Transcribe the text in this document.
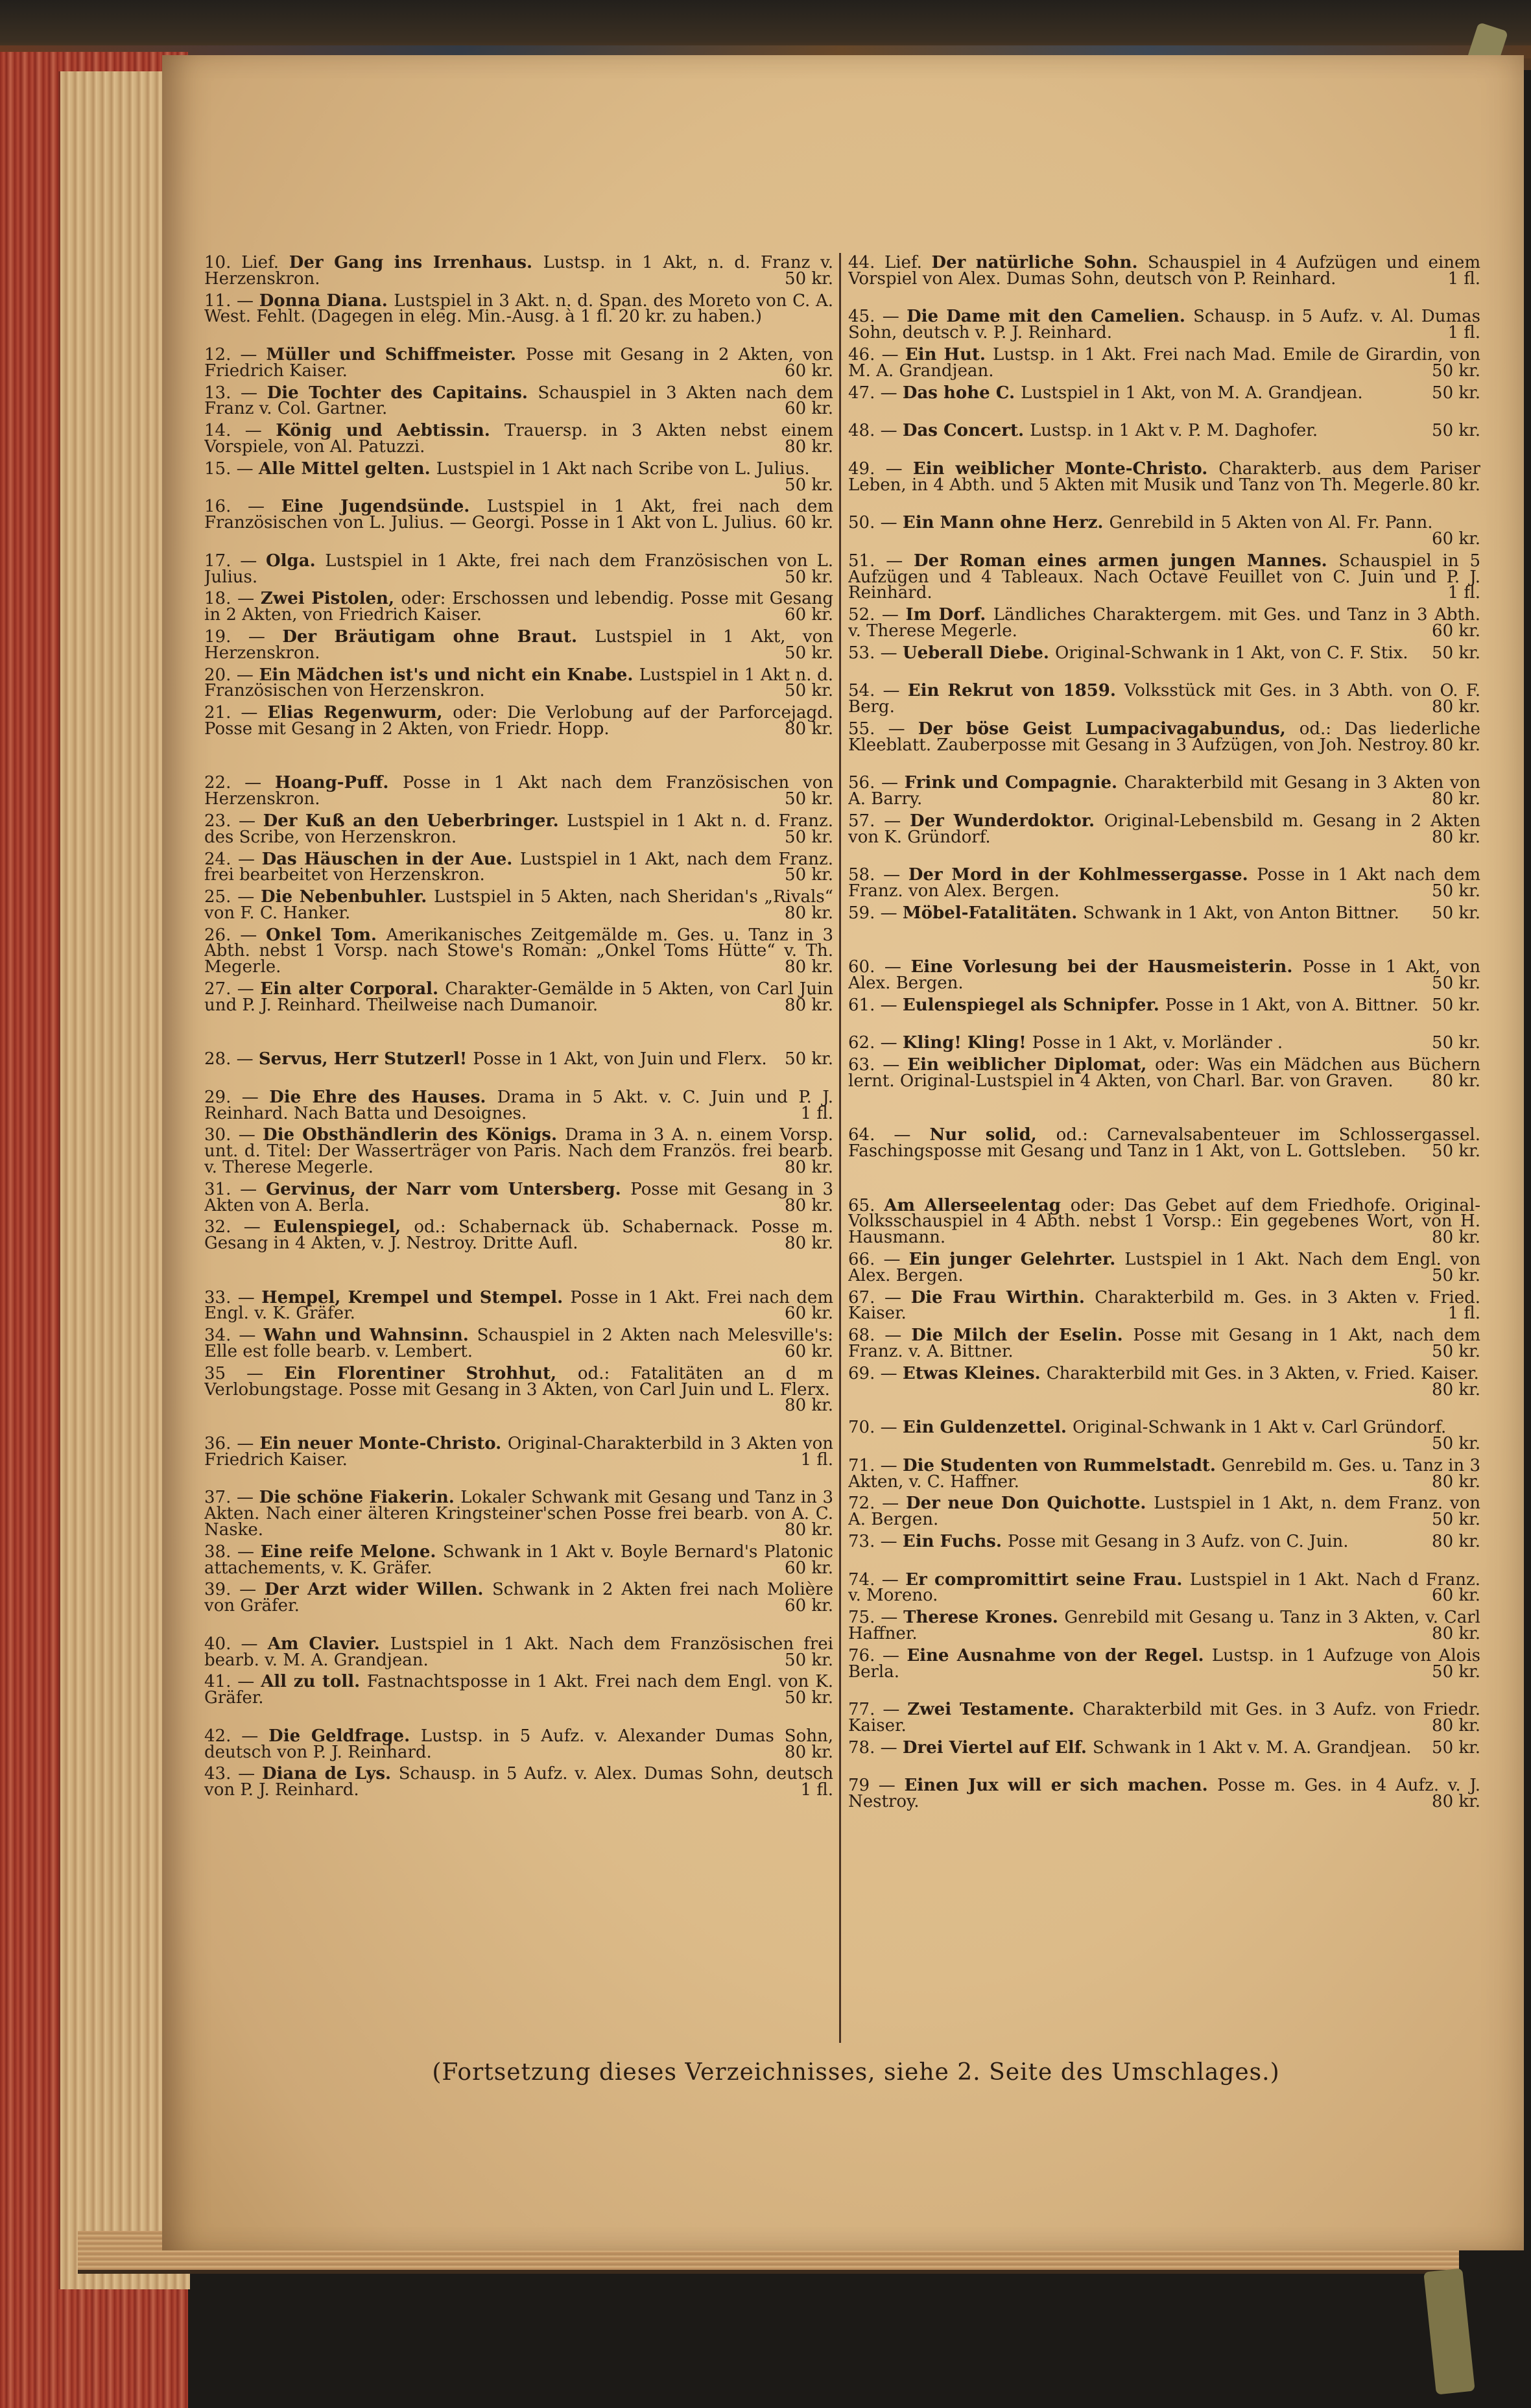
10. Lief. Der Gang ins Irrenhaus. Lustsp. in 1 Akt, n. d. Franz v. Herzenskron.	50 kr.
11. — Donna Diana. Lustspiel in 3 Akt. n. d. Span. des Moreto von C. A. West. Fehlt. (Dagegen in eleg. Min.-Ausg. à 1 fl. 20 kr. zu haben.)
12. — Müller und Schiffmeister. Posse mit Gesang in 2 Akten, von Friedrich Kaiser.	60 kr.
13. — Die Tochter des Capitains. Schauspiel in 3 Akten nach dem Franz v. Col. Gartner.	60 kr.
14. — König und Aebtissin. Trauersp. in 3 Akten nebst einem Vorspiele, von Al. Patuzzi.	80 kr.
15. — Alle Mittel gelten. Lustspiel in 1 Akt nach Scribe von L. Julius.
50 kr.
16. — Eine Jugendsünde. Lustspiel in 1 Akt, frei nach dem Französischen von L. Julius. — Georgi. Posse in 1 Akt von L. Julius. 60 kr.
17. — Olga. Lustspiel in 1 Akte, frei nach dem Französischen von L. Julius.	50 kr.
18. — Zwei Pistolen, oder: Erschossen und lebendig. Posse mit Gesang in 2 Akten, von Friedrich Kaiser.	60 kr.
19. — Der Bräutigam ohne Braut. Lustspiel in 1 Akt, von Herzenskron.	50 kr.
20. — Ein Mädchen ist's und nicht ein Knabe. Lustspiel in 1 Akt n. d. Französischen von Herzenskron.	50 kr.
21. — Elias Regenwurm, oder: Die Verlobung auf der Parforcejagd. Posse mit Gesang in 2 Akten, von Friedr. Hopp.	80 kr.
22. — Hoang-Puff. Posse in 1 Akt nach dem Französischen von Herzenskron.	50 kr.
23. — Der Kuß an den Ueberbringer. Lustspiel in 1 Akt n. d. Franz. des Scribe, von Herzenskron.	50 kr.
24. — Das Häuschen in der Aue. Lustspiel in 1 Akt, nach dem Franz. frei bearbeitet von Herzenskron.	50 kr.
25. — Die Nebenbuhler. Lustspiel in 5 Akten, nach Sheridan's „Rivals“ von F. C. Hanker.	80 kr.
26. — Onkel Tom. Amerikanisches Zeitgemälde m. Ges. u. Tanz in 3 Abth. nebst 1 Vorsp. nach Stowe's Roman: „Onkel Toms Hütte“ v. Th. Megerle.	80 kr.
27. — Ein alter Corporal. Charakter-Gemälde in 5 Akten, von Carl Juin und P. J. Reinhard. Theilweise nach Dumanoir.	80 kr.
28. — Servus, Herr Stutzerl! Posse in 1 Akt, von Juin und Flerx. 50 kr.
29. — Die Ehre des Hauses. Drama in 5 Akt. v. C. Juin und P. J. Reinhard. Nach Batta und Desoignes.	1 fl.
30. — Die Obsthändlerin des Königs. Drama in 3 A. n. einem Vorsp. unt. d. Titel: Der Wasserträger von Paris. Nach dem Französ. frei bearb. v. Therese Megerle.	80 kr.
31. — Gervinus, der Narr vom Untersberg. Posse mit Gesang in 3 Akten von A. Berla.	80 kr.
32. — Eulenspiegel, od.: Schabernack üb. Schabernack. Posse m. Gesang in 4 Akten, v. J. Nestroy. Dritte Aufl.	80 kr.
33. — Hempel, Krempel und Stempel. Posse in 1 Akt. Frei nach dem Engl. v. K. Gräfer.	60 kr.
34. — Wahn und Wahnsinn. Schauspiel in 2 Akten nach Melesville's: Elle est folle bearb. v. Lembert.	60 kr.
35 — Ein Florentiner Strohhut, od.: Fatalitäten an d m Verlobungstage. Posse mit Gesang in 3 Akten, von Carl Juin und L. Flerx.
80 kr.
36. — Ein neuer Monte-Christo. Original-Charakterbild in 3 Akten von Friedrich Kaiser.	1 fl.
37. — Die schöne Fiakerin. Lokaler Schwank mit Gesang und Tanz in 3 Akten. Nach einer älteren Kringsteiner'schen Posse frei bearb. von A. C. Naske.	80 kr.
38. — Eine reife Melone. Schwank in 1 Akt v. Boyle Bernard's Platonic attachements, v. K. Gräfer.	60 kr.
39. — Der Arzt wider Willen. Schwank in 2 Akten frei nach Molière von Gräfer.	60 kr.
40. — Am Clavier. Lustspiel in 1 Akt. Nach dem Französischen frei bearb. v. M. A. Grandjean.	50 kr.
41. — All zu toll. Fastnachtsposse in 1 Akt. Frei nach dem Engl. von K. Gräfer.	50 kr.
42. — Die Geldfrage. Lustsp. in 5 Aufz. v. Alexander Dumas Sohn, deutsch von P. J. Reinhard.	80 kr.
43. — Diana de Lys. Schausp. in 5 Aufz. v. Alex. Dumas Sohn, deutsch von P. J. Reinhard.	1 fl.
44. Lief. Der natürliche Sohn. Schauspiel in 4 Aufzügen und einem Vorspiel von Alex. Dumas Sohn, deutsch von P. Reinhard.	1 fl.
45. — Die Dame mit den Camelien. Schausp. in 5 Aufz. v. Al. Dumas Sohn, deutsch v. P. J. Reinhard.	1 fl.
46. — Ein Hut. Lustsp. in 1 Akt. Frei nach Mad. Emile de Girardin, von M. A. Grandjean.	50 kr.
47. — Das hohe C. Lustspiel in 1 Akt, von M. A. Grandjean.	50 kr.
48. — Das Concert. Lustsp. in 1 Akt v. P. M. Daghofer.	50 kr.
49. — Ein weiblicher Monte-Christo. Charakterb. aus dem Pariser Leben, in 4 Abth. und 5 Akten mit Musik und Tanz von Th. Megerle. 80 kr.
50. — Ein Mann ohne Herz. Genrebild in 5 Akten von Al. Fr. Pann.
60 kr.
51. — Der Roman eines armen jungen Mannes. Schauspiel in 5 Aufzügen und 4 Tableaux. Nach Octave Feuillet von C. Juin und P. J. Reinhard.	1 fl.
52. — Im Dorf. Ländliches Charaktergem. mit Ges. und Tanz in 3 Abth. v. Therese Megerle.	60 kr.
53. — Ueberall Diebe. Original-Schwank in 1 Akt, von C. F. Stix. 50 kr.
54. — Ein Rekrut von 1859. Volksstück mit Ges. in 3 Abth. von O. F. Berg.	80 kr.
55. — Der böse Geist Lumpacivagabundus, od.: Das liederliche Kleeblatt. Zauberposse mit Gesang in 3 Aufzügen, von Joh. Nestroy. 80 kr.
56. — Frink und Compagnie. Charakterbild mit Gesang in 3 Akten von A. Barry.	80 kr.
57. — Der Wunderdoktor. Original-Lebensbild m. Gesang in 2 Akten von K. Gründorf.	80 kr.
58. — Der Mord in der Kohlmessergasse. Posse in 1 Akt nach dem Franz. von Alex. Bergen.	50 kr.
59. — Möbel-Fatalitäten. Schwank in 1 Akt, von Anton Bittner. 50 kr.
60. — Eine Vorlesung bei der Hausmeisterin. Posse in 1 Akt, von Alex. Bergen.	50 kr.
61. — Eulenspiegel als Schnipfer. Posse in 1 Akt, von A. Bittner. 50 kr.
62. — Kling! Kling! Posse in 1 Akt, v. Morländer .	50 kr.
63. — Ein weiblicher Diplomat, oder: Was ein Mädchen aus Büchern lernt. Original-Lustspiel in 4 Akten, von Charl. Bar. von Graven. 80 kr.
64. — Nur solid, od.: Carnevalsabenteuer im Schlossergassel. Faschingsposse mit Gesang und Tanz in 1 Akt, von L. Gottsleben. 50 kr.
65. Am Allerseelentag oder: Das Gebet auf dem Friedhofe. Original-Volksschauspiel in 4 Abth. nebst 1 Vorsp.: Ein gegebenes Wort, von H. Hausmann.	80 kr.
66. — Ein junger Gelehrter. Lustspiel in 1 Akt. Nach dem Engl. von Alex. Bergen.	50 kr.
67. — Die Frau Wirthin. Charakterbild m. Ges. in 3 Akten v. Fried. Kaiser.	1 fl.
68. — Die Milch der Eselin. Posse mit Gesang in 1 Akt, nach dem Franz. v. A. Bittner.	50 kr.
69. — Etwas Kleines. Charakterbild mit Ges. in 3 Akten, v. Fried. Kaiser.
80 kr.
70. — Ein Guldenzettel. Original-Schwank in 1 Akt v. Carl Gründorf.
50 kr.
71. — Die Studenten von Rummelstadt. Genrebild m. Ges. u. Tanz in 3 Akten, v. C. Haffner.	80 kr.
72. — Der neue Don Quichotte. Lustspiel in 1 Akt, n. dem Franz. von A. Bergen.	50 kr.
73. — Ein Fuchs. Posse mit Gesang in 3 Aufz. von C. Juin.	80 kr.
74. — Er compromittirt seine Frau. Lustspiel in 1 Akt. Nach d Franz. v. Moreno.	60 kr.
75. — Therese Krones. Genrebild mit Gesang u. Tanz in 3 Akten, v. Carl Haffner.	80 kr.
76. — Eine Ausnahme von der Regel. Lustsp. in 1 Aufzuge von Alois Berla.	50 kr.
77. — Zwei Testamente. Charakterbild mit Ges. in 3 Aufz. von Friedr. Kaiser.	80 kr.
78. — Drei Viertel auf Elf. Schwank in 1 Akt v. M. A. Grandjean. 50 kr.
79 — Einen Jux will er sich machen. Posse m. Ges. in 4 Aufz. v. J. Nestroy.	80 kr.
(Fortsetzung dieses Verzeichnisses, siehe 2. Seite des Umschlages.)
